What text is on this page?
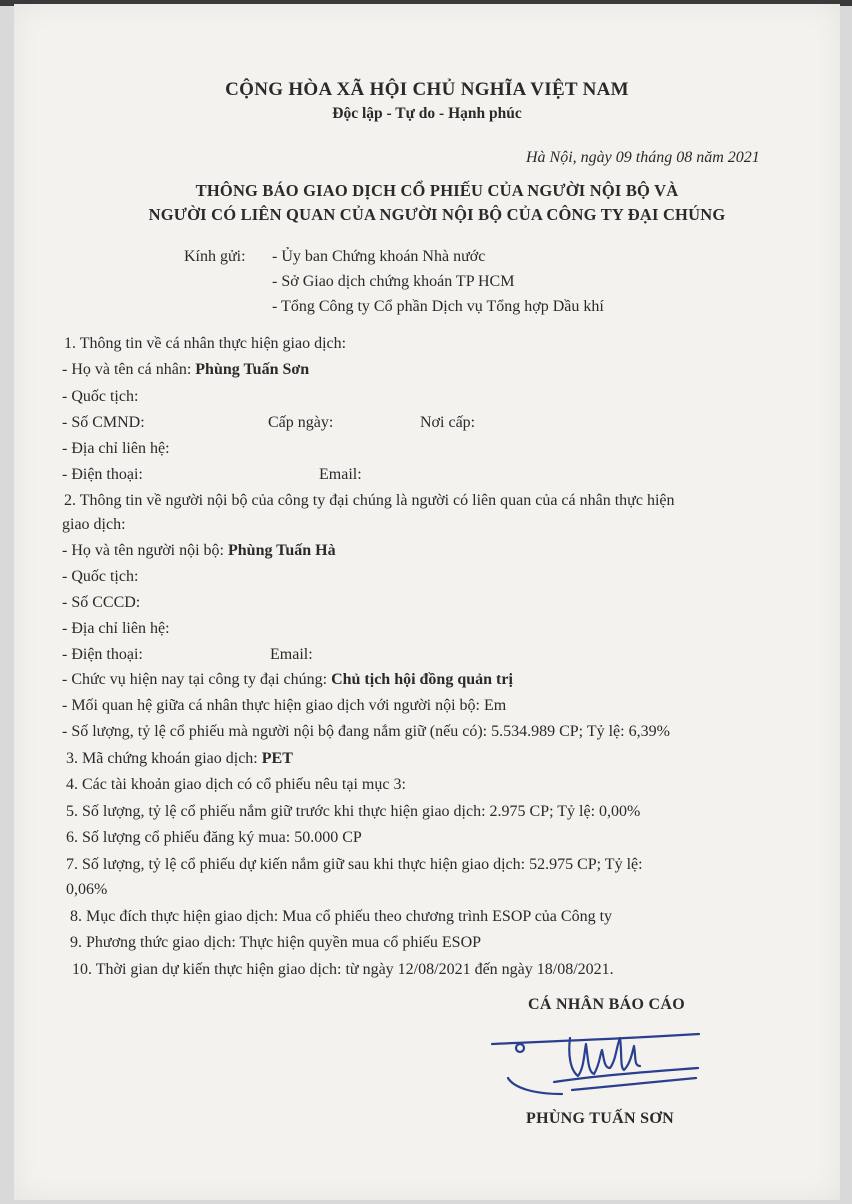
CỘNG HÒA XÃ HỘI CHỦ NGHĨA VIỆT NAM
Độc lập - Tự do - Hạnh phúc
Hà Nội, ngày 09 tháng 08 năm 2021
THÔNG BÁO GIAO DỊCH CỔ PHIẾU CỦA NGƯỜI NỘI BỘ VÀ
NGƯỜI CÓ LIÊN QUAN CỦA NGƯỜI NỘI BỘ CỦA CÔNG TY ĐẠI CHÚNG
Kính gửi: - Ủy ban Chứng khoán Nhà nước
- Sở Giao dịch chứng khoán TP HCM
- Tổng Công ty Cổ phần Dịch vụ Tổng hợp Dầu khí
1. Thông tin về cá nhân thực hiện giao dịch:
- Họ và tên cá nhân: Phùng Tuấn Sơn
- Quốc tịch:
- Số CMND:	Cấp ngày:	Nơi cấp:
- Địa chỉ liên hệ:
- Điện thoại:	Email:
2. Thông tin về người nội bộ của công ty đại chúng là người có liên quan của cá nhân thực hiện
giao dịch:
- Họ và tên người nội bộ: Phùng Tuấn Hà
- Quốc tịch:
- Số CCCD:
- Địa chỉ liên hệ:
- Điện thoại:	Email:
- Chức vụ hiện nay tại công ty đại chúng: Chủ tịch hội đồng quản trị
- Mối quan hệ giữa cá nhân thực hiện giao dịch với người nội bộ: Em
- Số lượng, tỷ lệ cổ phiếu mà người nội bộ đang nắm giữ (nếu có): 5.534.989 CP; Tỷ lệ: 6,39%
3. Mã chứng khoán giao dịch: PET
4. Các tài khoản giao dịch có cổ phiếu nêu tại mục 3:
5. Số lượng, tỷ lệ cổ phiếu nắm giữ trước khi thực hiện giao dịch: 2.975 CP; Tỷ lệ: 0,00%
6. Số lượng cổ phiếu đăng ký mua: 50.000 CP
7. Số lượng, tỷ lệ cổ phiếu dự kiến nắm giữ sau khi thực hiện giao dịch: 52.975 CP; Tỷ lệ:
0,06%
8. Mục đích thực hiện giao dịch: Mua cổ phiếu theo chương trình ESOP của Công ty
9. Phương thức giao dịch: Thực hiện quyền mua cổ phiếu ESOP
10. Thời gian dự kiến thực hiện giao dịch: từ ngày 12/08/2021 đến ngày 18/08/2021.
CÁ NHÂN BÁO CÁO
PHÙNG TUẤN SƠN
